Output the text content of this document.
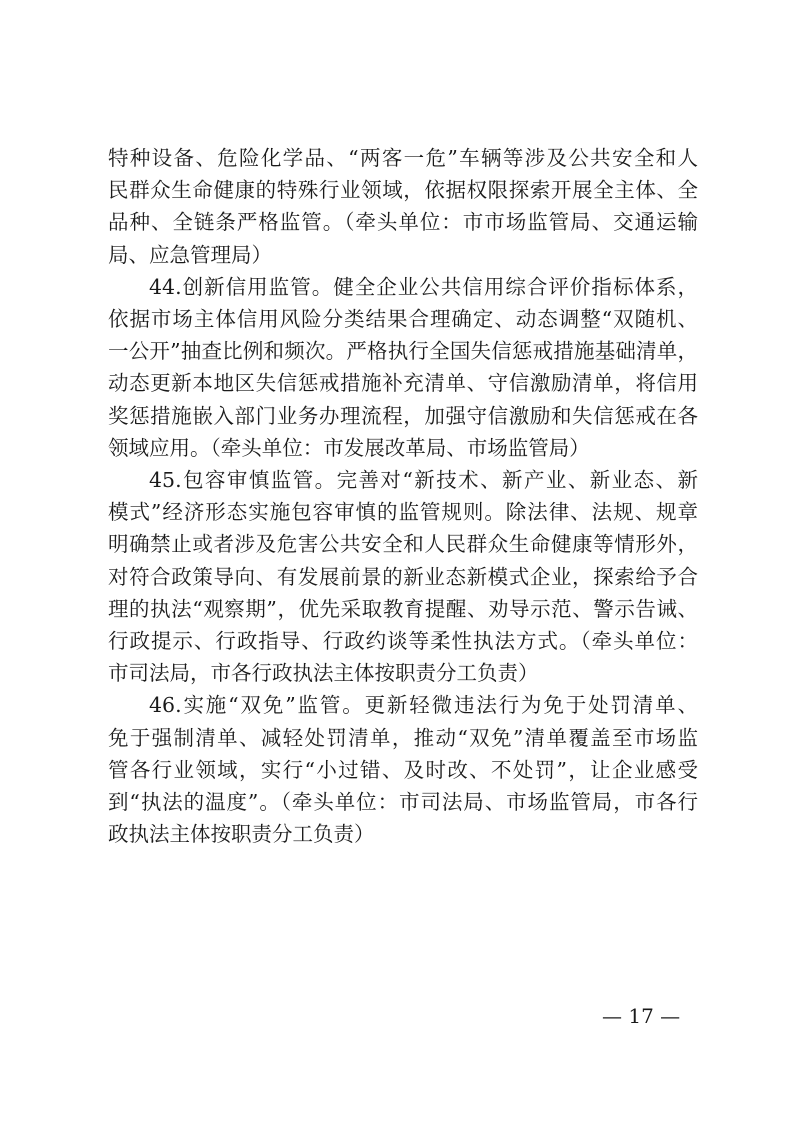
特种设备、危险化学品、“两客一危”车辆等涉及公共安全和人
民群众生命健康的特殊行业领域，依据权限探索开展全主体、全
品种、全链条严格监管。（牵头单位：市市场监管局、交通运输
局、应急管理局）
44.创新信用监管。健全企业公共信用综合评价指标体系，
依据市场主体信用风险分类结果合理确定、动态调整“双随机、
一公开”抽查比例和频次。严格执行全国失信惩戒措施基础清单，
动态更新本地区失信惩戒措施补充清单、守信激励清单，将信用
奖惩措施嵌入部门业务办理流程，加强守信激励和失信惩戒在各
领域应用。（牵头单位：市发展改革局、市场监管局）
45.包容审慎监管。完善对“新技术、新产业、新业态、新
模式”经济形态实施包容审慎的监管规则。除法律、法规、规章
明确禁止或者涉及危害公共安全和人民群众生命健康等情形外，
对符合政策导向、有发展前景的新业态新模式企业，探索给予合
理的执法“观察期”，优先采取教育提醒、劝导示范、警示告诫、
行政提示、行政指导、行政约谈等柔性执法方式。（牵头单位：
市司法局，市各行政执法主体按职责分工负责）
46.实施“双免”监管。更新轻微违法行为免于处罚清单、
免于强制清单、减轻处罚清单，推动“双免”清单覆盖至市场监
管各行业领域，实行“小过错、及时改、不处罚”，让企业感受
到“执法的温度”。（牵头单位：市司法局、市场监管局，市各行
政执法主体按职责分工负责）
— 17 —
